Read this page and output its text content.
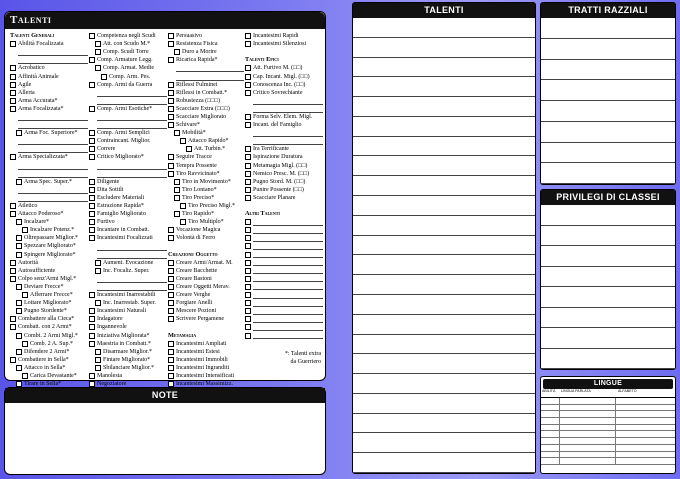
Talenti
Talenti Generali
Abilità Focalizzata
Acrobatico
Affinità Animale
Agile
Allerta
Arma Accurata*
Arma Focalizzata*
Arma Foc. Superiore*
Arma Specializzata*
Arma Spec. Super.*
Atletico
Attacco Poderoso*
Incalzare*
Incalzare Potenz.*
Oltrepassare Miglior.*
Spezzare Migliorato*
Spingere Migliorato*
Autorità
Autosufficiente
Colpo senz'Armi Migl.*
Deviare Frecce*
Afferrare Frecce*
Lottare Migliorato*
Pugno Stordente*
Combattere alla Cieca*
Combatt. con 2 Armi*
Combt. 2 Armi Migl.*
Comb. 2 A. Sup.*
Difendere 2 Armi*
Combattere in Sella*
Attacco in Sella*
Carica Devastante*
Tirare in Sella*
Competenza negli Scudi
Att. con Scudo M.*
Comp. Scudi Torre
Comp. Armature Legg.
Comp. Armat. Medie
Comp. Arm. Pes.
Comp. Armi da Guerra
Comp. Armi Esotiche*
Comp. Armi Semplici
Contraincant. Miglior.
Correre
Critico Migliorato*
Diligente
Dita Sottili
Escludere Materiali
Estrazione Rapida*
Famiglio Migliorato
Furtivo
Incantare in Combatt.
Incantesimi Focalizzati
Aument. Evocazione
Inc. Focaliz. Super.
Incantesimi Inarrestabili
Inc. Inarrestab. Super.
Incantesimi Naturali
Indagatore
Ingannevole
Iniziativa Migliorata*
Maestria in Combatt.*
Disarmare Miglior.*
Fintare Migliorato*
Sbilanciare Miglior.*
Manolesta
Negoziatore
Persuasivo
Resistenza Fisica
Duro a Morire
Ricarica Rapida*
Riflessi Fulminei
Riflessi in Combatt.*
Robustezza (□□□)
Scacciare Extra (□□□)
Scacciare Migliorato
Schivare*
Mobilità*
Attacco Rapido*
Att. Turbin.*
Seguire Tracce
Tempra Possente
Tiro Ravvicinato*
Tiro in Movimento*
Tiro Lontano*
Tiro Preciso*
Tiro Preciso Migl.*
Tiro Rapido*
Tiro Multiplo*
Vocazione Magica
Volontà di Ferro
Creazione Oggetto
Creare Armi/Armat. M.
Creare Bacchette
Creare Bastoni
Creare Oggetti Merav.
Creare Verghe
Forgiare Anelli
Mescere Pozioni
Scrivere Pergamene
Metamagia
Incantesimi Ampliati
Incantesimi Estesi
Incantesimi Immobili
Incantesimi Ingranditi
Incantesimi Intensificati
Incantesimi Massimizz.
Incantesimi Rapidi
Incantesimi Silenziosi
Talenti Epici
Att. Furtivo M. (□□)
Cap. Incant. Migl. (□□)
Conoscenza Inc. (□□)
Critico Sovrechiante
Forma Selv. Elem. Migl.
Incant. del Famiglio
Ira Terrificante
Ispirazione Duratura
Metamagia Migl. (□□)
Nemico Presc. M. (□□)
Pugno Stord. M. (□□)
Punire Possente (□□)
Scacciare Planare
Altri Talenti
*: Talenti extra
da Guerriero
NOTE
TALENTI	TRATTI RAZZIALI
PRIVILEGI DI CLASSEI
LINGUE
ABILITÀ	LINGUA PARLATA	ALFABETO
